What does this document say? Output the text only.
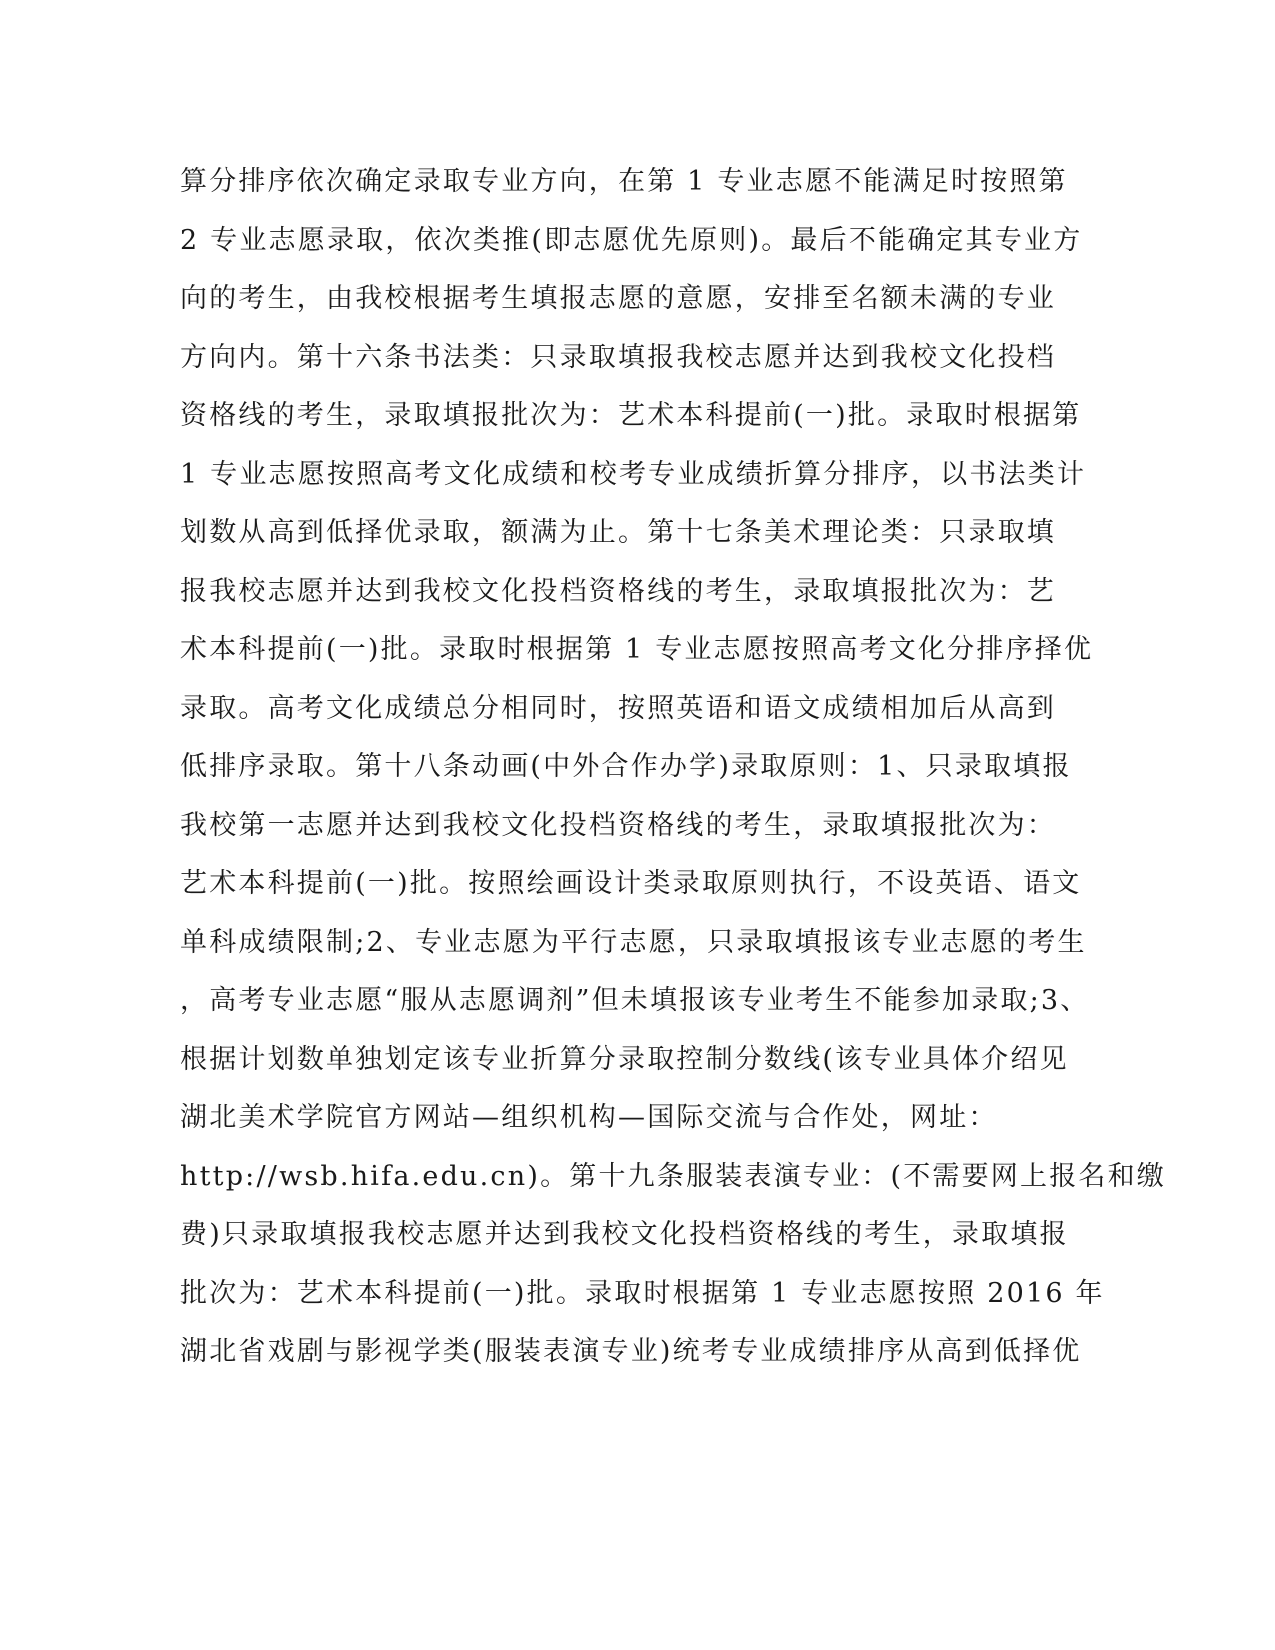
算分排序依次确定录取专业方向，在第 1 专业志愿不能满足时按照第
2 专业志愿录取，依次类推(即志愿优先原则)。最后不能确定其专业方
向的考生，由我校根据考生填报志愿的意愿，安排至名额未满的专业
方向内。第十六条书法类：只录取填报我校志愿并达到我校文化投档
资格线的考生，录取填报批次为：艺术本科提前(一)批。录取时根据第
1 专业志愿按照高考文化成绩和校考专业成绩折算分排序，以书法类计
划数从高到低择优录取，额满为止。第十七条美术理论类：只录取填
报我校志愿并达到我校文化投档资格线的考生，录取填报批次为：艺
术本科提前(一)批。录取时根据第 1 专业志愿按照高考文化分排序择优
录取。高考文化成绩总分相同时，按照英语和语文成绩相加后从高到
低排序录取。第十八条动画(中外合作办学)录取原则：1、只录取填报
我校第一志愿并达到我校文化投档资格线的考生，录取填报批次为：
艺术本科提前(一)批。按照绘画设计类录取原则执行，不设英语、语文
单科成绩限制;2、专业志愿为平行志愿，只录取填报该专业志愿的考生
，高考专业志愿“服从志愿调剂”但未填报该专业考生不能参加录取;3、
根据计划数单独划定该专业折算分录取控制分数线(该专业具体介绍见
湖北美术学院官方网站—组织机构—国际交流与合作处，网址：
http://wsb.hifa.edu.cn)。第十九条服装表演专业：(不需要网上报名和缴
费)只录取填报我校志愿并达到我校文化投档资格线的考生，录取填报
批次为：艺术本科提前(一)批。录取时根据第 1 专业志愿按照 2016 年
湖北省戏剧与影视学类(服装表演专业)统考专业成绩排序从高到低择优
